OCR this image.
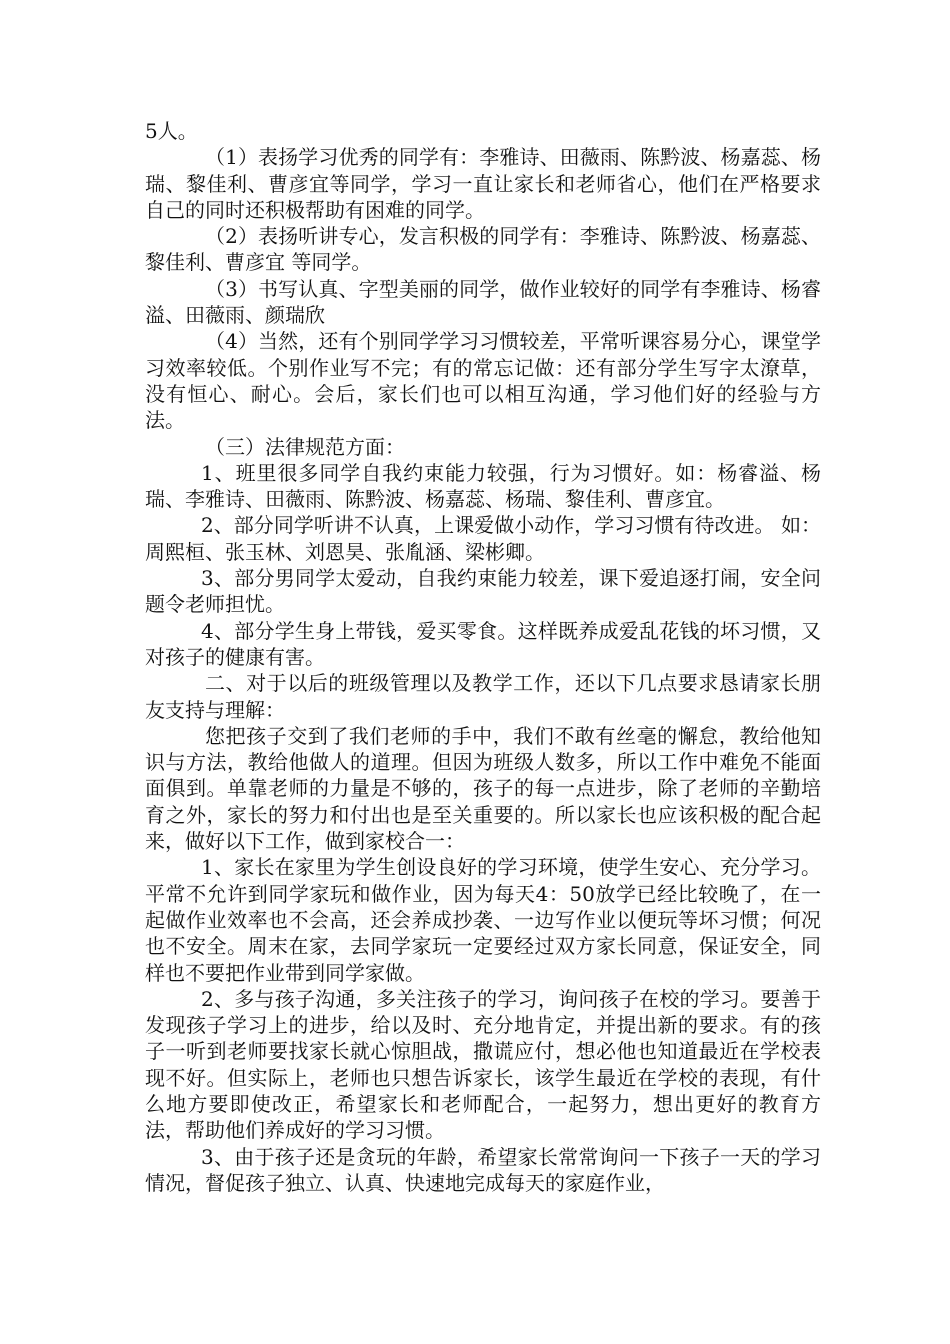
5人。

（1）表扬学习优秀的同学有：李雅诗、田薇雨、陈黔波、杨嘉蕊、杨瑞、黎佳利、曹彦宜等同学，学习一直让家长和老师省心，他们在严格要求自己的同时还积极帮助有困难的同学。

（2）表扬听讲专心，发言积极的同学有：李雅诗、陈黔波、杨嘉蕊、黎佳利、曹彦宜 等同学。

（3）书写认真、字型美丽的同学，做作业较好的同学有李雅诗、杨睿溢、田薇雨、颜瑞欣

（4）当然，还有个别同学学习习惯较差，平常听课容易分心，课堂学习效率较低。个别作业写不完；有的常忘记做：还有部分学生写字太潦草，没有恒心、耐心。会后，家长们也可以相互沟通，学习他们好的经验与方法。

（三）法律规范方面：

1、班里很多同学自我约束能力较强，行为习惯好。如：杨睿溢、杨瑞、李雅诗、田薇雨、陈黔波、杨嘉蕊、杨瑞、黎佳利、曹彦宜。

2、部分同学听讲不认真，上课爱做小动作，学习习惯有待改进。 如：周熙桓、张玉林、刘恩昊、张胤涵、梁彬卿。

3、部分男同学太爱动，自我约束能力较差，课下爱追逐打闹，安全问题令老师担忧。

4、部分学生身上带钱，爱买零食。这样既养成爱乱花钱的坏习惯，又对孩子的健康有害。

二、对于以后的班级管理以及教学工作，还以下几点要求恳请家长朋友支持与理解：

您把孩子交到了我们老师的手中，我们不敢有丝毫的懈怠，教给他知识与方法，教给他做人的道理。但因为班级人数多，所以工作中难免不能面面俱到。单靠老师的力量是不够的，孩子的每一点进步，除了老师的辛勤培育之外，家长的努力和付出也是至关重要的。所以家长也应该积极的配合起来，做好以下工作，做到家校合一：

1、家长在家里为学生创设良好的学习环境，使学生安心、充分学习。平常不允许到同学家玩和做作业，因为每天4：50放学已经比较晚了，在一起做作业效率也不会高，还会养成抄袭、一边写作业以便玩等坏习惯；何况也不安全。周末在家，去同学家玩一定要经过双方家长同意，保证安全，同样也不要把作业带到同学家做。

2、多与孩子沟通，多关注孩子的学习，询问孩子在校的学习。要善于发现孩子学习上的进步，给以及时、充分地肯定，并提出新的要求。有的孩子一听到老师要找家长就心惊胆战，撒谎应付，想必他也知道最近在学校表现不好。但实际上，老师也只想告诉家长，该学生最近在学校的表现，有什么地方要即使改正，希望家长和老师配合，一起努力，想出更好的教育方法，帮助他们养成好的学习习惯。

3、由于孩子还是贪玩的年龄，希望家长常常询问一下孩子一天的学习情况，督促孩子独立、认真、快速地完成每天的家庭作业，
